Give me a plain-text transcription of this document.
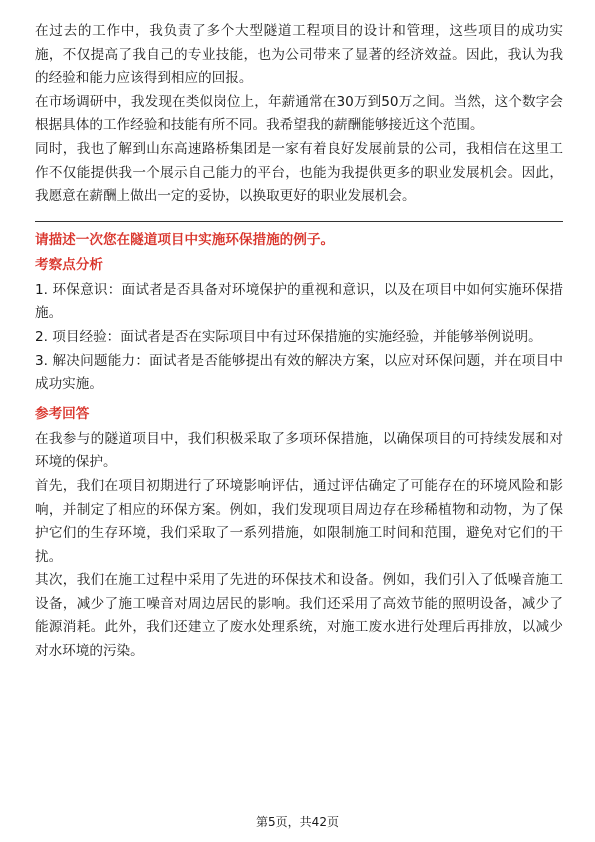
在过去的工作中，我负责了多个大型隧道工程项目的设计和管理，这些项目的成功实施，不仅提高了我自己的专业技能，也为公司带来了显著的经济效益。因此，我认为我的经验和能力应该得到相应的回报。

在市场调研中，我发现在类似岗位上，年薪通常在30万到50万之间。当然，这个数字会根据具体的工作经验和技能有所不同。我希望我的薪酬能够接近这个范围。

同时，我也了解到山东高速路桥集团是一家有着良好发展前景的公司，我相信在这里工作不仅能提供我一个展示自己能力的平台，也能为我提供更多的职业发展机会。因此，我愿意在薪酬上做出一定的妥协，以换取更好的职业发展机会。

请描述一次您在隧道项目中实施环保措施的例子。

考察点分析

1. 环保意识：面试者是否具备对环境保护的重视和意识，以及在项目中如何实施环保措施。

2. 项目经验：面试者是否在实际项目中有过环保措施的实施经验，并能够举例说明。

3. 解决问题能力：面试者是否能够提出有效的解决方案，以应对环保问题，并在项目中成功实施。

参考回答

在我参与的隧道项目中，我们积极采取了多项环保措施，以确保项目的可持续发展和对环境的保护。

首先，我们在项目初期进行了环境影响评估，通过评估确定了可能存在的环境风险和影响，并制定了相应的环保方案。例如，我们发现项目周边存在珍稀植物和动物，为了保护它们的生存环境，我们采取了一系列措施，如限制施工时间和范围，避免对它们的干扰。

其次，我们在施工过程中采用了先进的环保技术和设备。例如，我们引入了低噪音施工设备，减少了施工噪音对周边居民的影响。我们还采用了高效节能的照明设备，减少了能源消耗。此外，我们还建立了废水处理系统，对施工废水进行处理后再排放，以减少对水环境的污染。

第5页，共42页
